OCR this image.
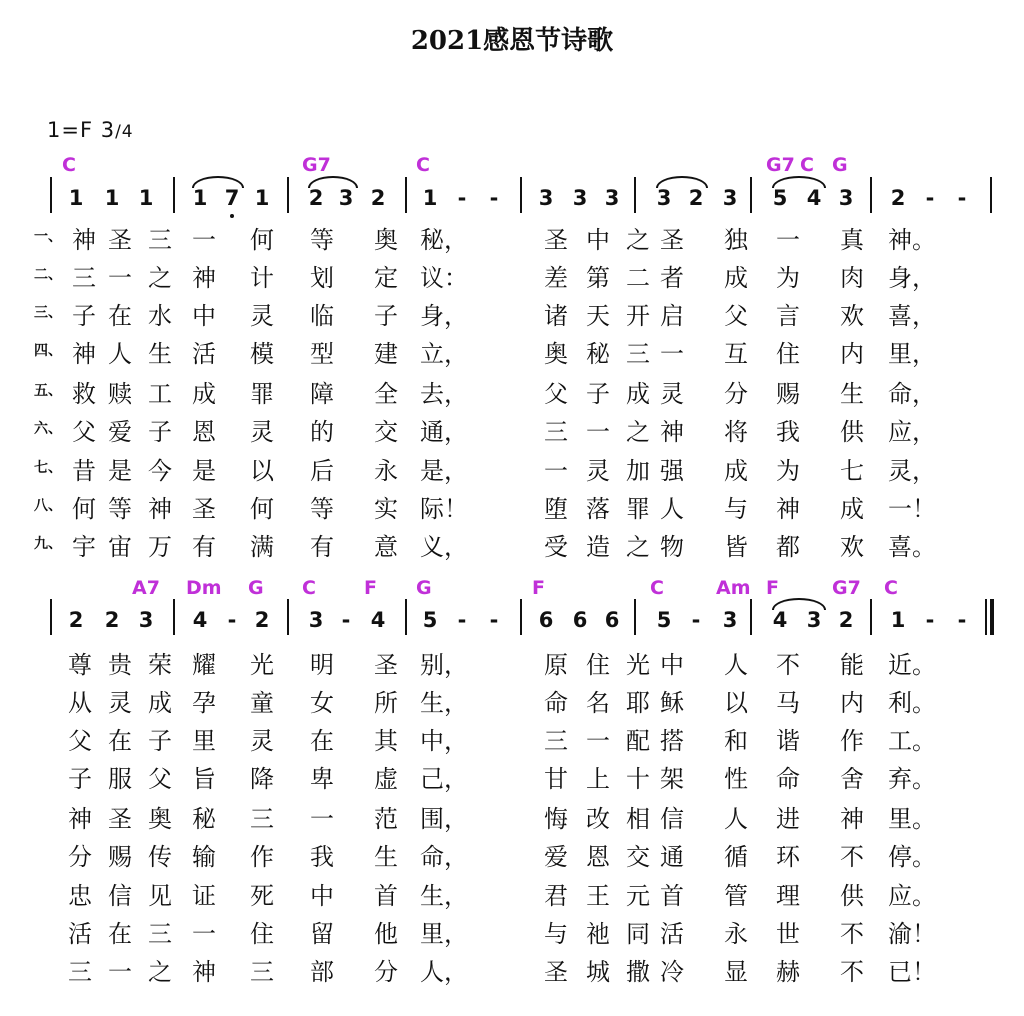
2021感恩节诗歌
1=F 3/4
1 1 1 1 7 1 2 3 2 1 -	-	3 3 3 3 2 3 5 4 3 2 -	-
C	G7	C	G7 C G
一、 神 圣 三 一	何	等	奥 秘，	圣 中 之 圣	独	一	真	神。
二、 三 一 之 神	计	划	定 议：	差 第 二 者	成	为	肉	身，
三、 子 在 水 中	灵	临	子 身，	诸 天 开 启	父	言	欢	喜，
四、 神 人 生 活	模	型	建 立，	奥 秘 三 一	互	住	内	里，
五、 救 赎 工 成	罪	障	全 去，	父 子 成 灵	分	赐	生	命，
六、 父 爱 子 恩	灵	的	交 通，	三 一 之 神	将	我	供	应，
七、 昔 是 今 是	以	后	永 是，	一 灵 加 强	成	为	七	灵，
八、 何 等 神 圣	何	等	实 际！	堕 落 罪 人	与	神	成	一！
九、 宇 宙 万 有	满	有	意 义，	受 造 之 物	皆	都	欢	喜。
2 2 3 4 - 2 3 - 4 5 -	-	6 6 6 5 -	3 4 3 2 1 -	-
A7 Dm G C	F G	F	C	Am F	G7 C
尊 贵 荣 耀	光	明	圣 别，	原 住 光 中	人	不	能	近。
从 灵 成 孕	童	女	所 生，	命 名 耶 稣	以	马	内	利。
父 在 子 里	灵	在	其 中，	三 一 配 搭	和	谐	作	工。
子 服 父 旨	降	卑	虚 己，	甘 上 十 架	性	命	舍	弃。
神 圣 奥 秘	三	一	范 围，	悔 改 相 信	人	进	神	里。
分 赐 传 输	作	我	生 命，	爱 恩 交 通	循	环	不	停。
忠 信 见 证	死	中	首 生，	君 王 元 首	管	理	供	应。
活 在 三 一	住	留	他 里，	与 祂 同 活	永	世	不	渝！
三 一 之 神	三	部	分 人，	圣 城 撒 冷	显	赫	不	已！
